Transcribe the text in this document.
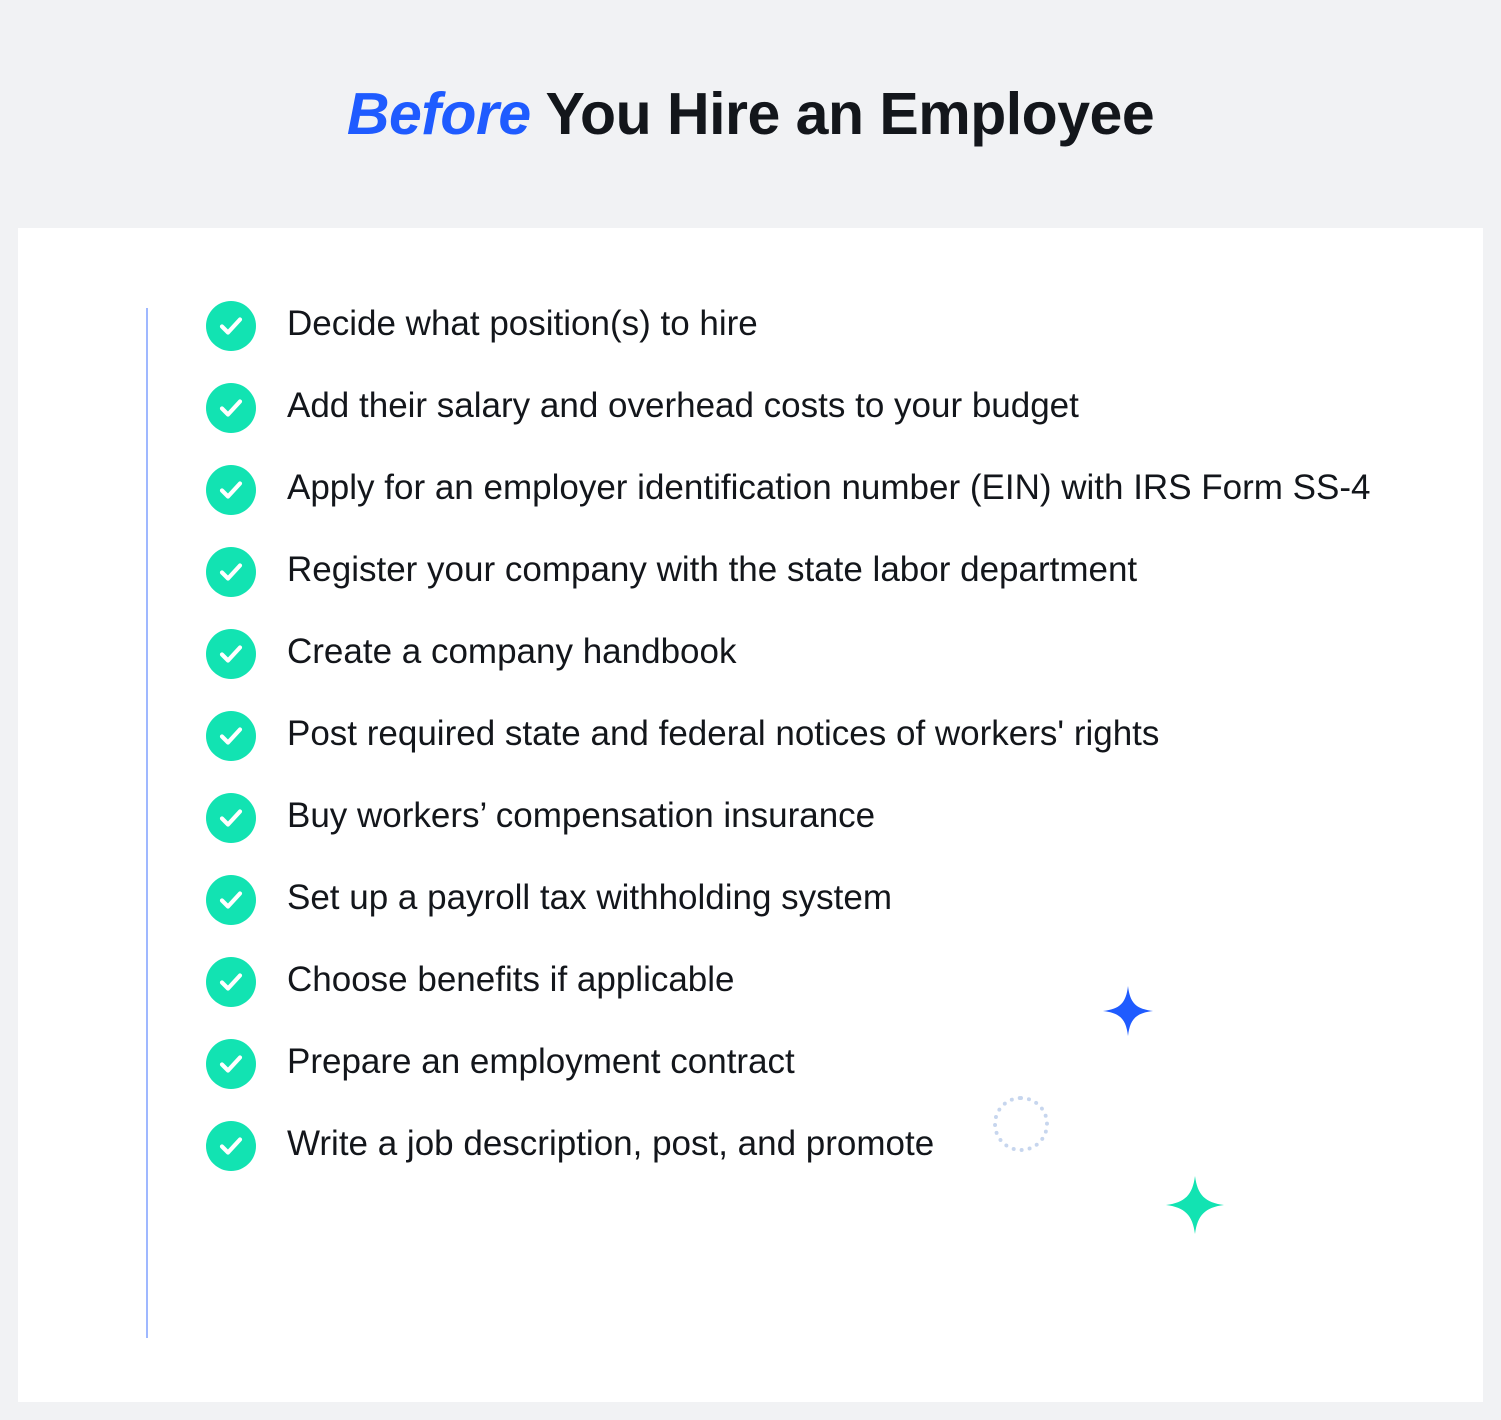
Before You Hire an Employee
Decide what position(s) to hire
Add their salary and overhead costs to your budget
Apply for an employer identification number (EIN) with IRS Form SS-4
Register your company with the state labor department
Create a company handbook
Post required state and federal notices of workers' rights
Buy workers’ compensation insurance
Set up a payroll tax withholding system
Choose benefits if applicable
Prepare an employment contract
Write a job description, post, and promote
